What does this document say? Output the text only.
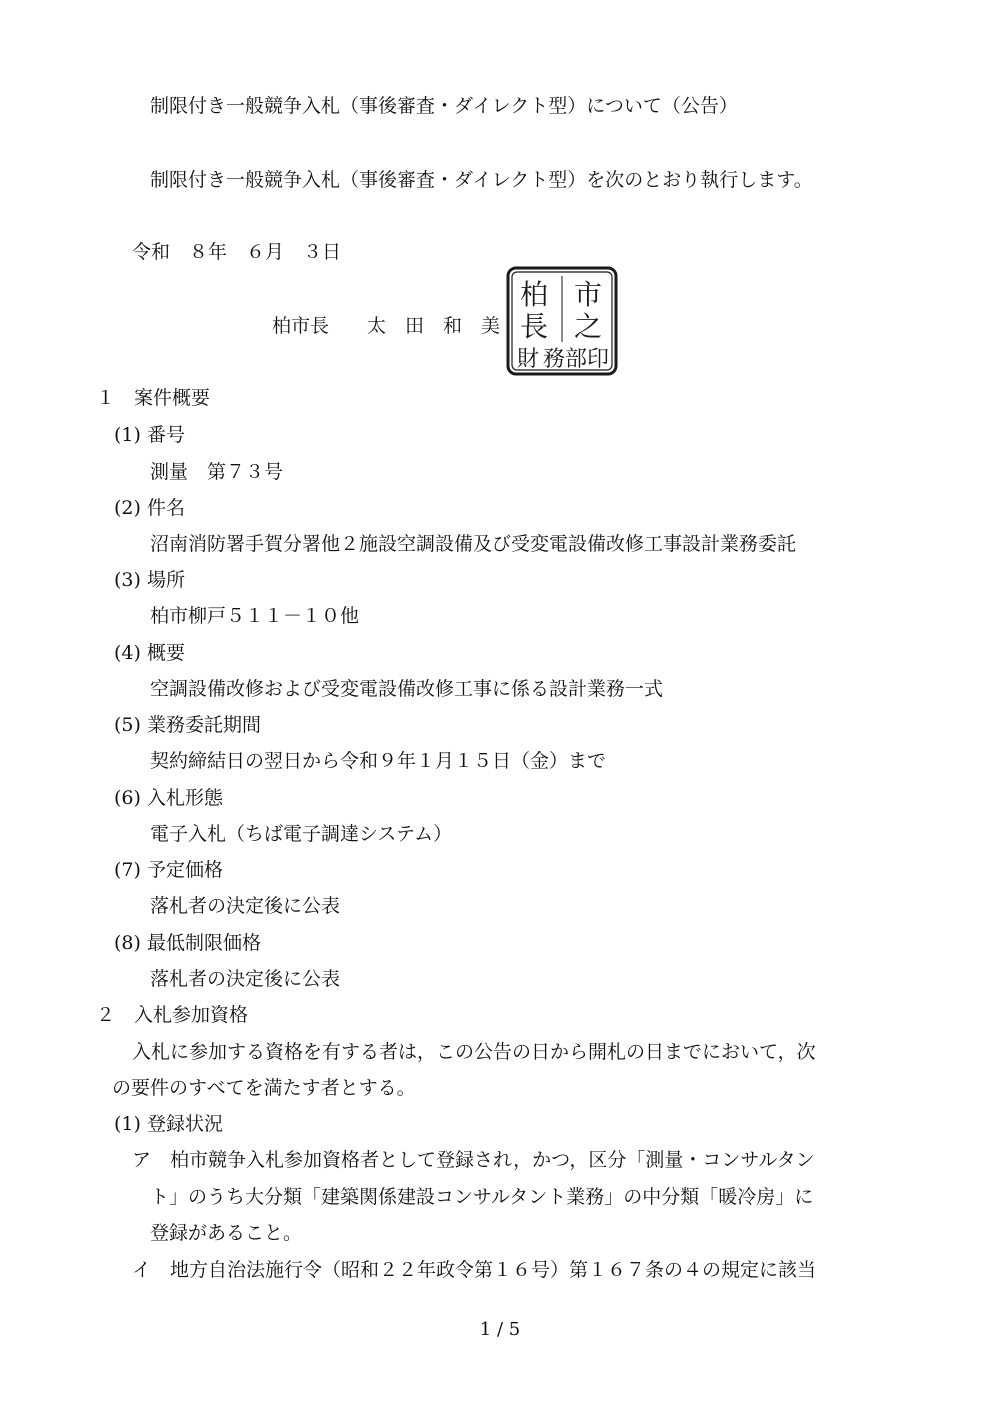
制限付き一般競争入札（事後審査・ダイレクト型）について（公告）
制限付き一般競争入札（事後審査・ダイレクト型）を次のとおり執行します。
令和　８年　６月　３日
柏市長　　太　田　和　美
柏 市
長 之
財 務 部 印
１　案件概要
(1) 番号
測量　第７３号
(2) 件名
沼南消防署手賀分署他２施設空調設備及び受変電設備改修工事設計業務委託
(3) 場所
柏市柳戸５１１－１０他
(4) 概要
空調設備改修および受変電設備改修工事に係る設計業務一式
(5) 業務委託期間
契約締結日の翌日から令和９年１月１５日（金）まで
(6) 入札形態
電子入札（ちば電子調達システム）
(7) 予定価格
落札者の決定後に公表
(8) 最低制限価格
落札者の決定後に公表
２　入札参加資格
入札に参加する資格を有する者は，この公告の日から開札の日までにおいて，次
の要件のすべてを満たす者とする。
(1) 登録状況
ア　柏市競争入札参加資格者として登録され，かつ，区分「測量・コンサルタン
ト」のうち大分類「建築関係建設コンサルタント業務」の中分類「暖冷房」に
登録があること。
イ　地方自治法施行令（昭和２２年政令第１６号）第１６７条の４の規定に該当
1 / 5
